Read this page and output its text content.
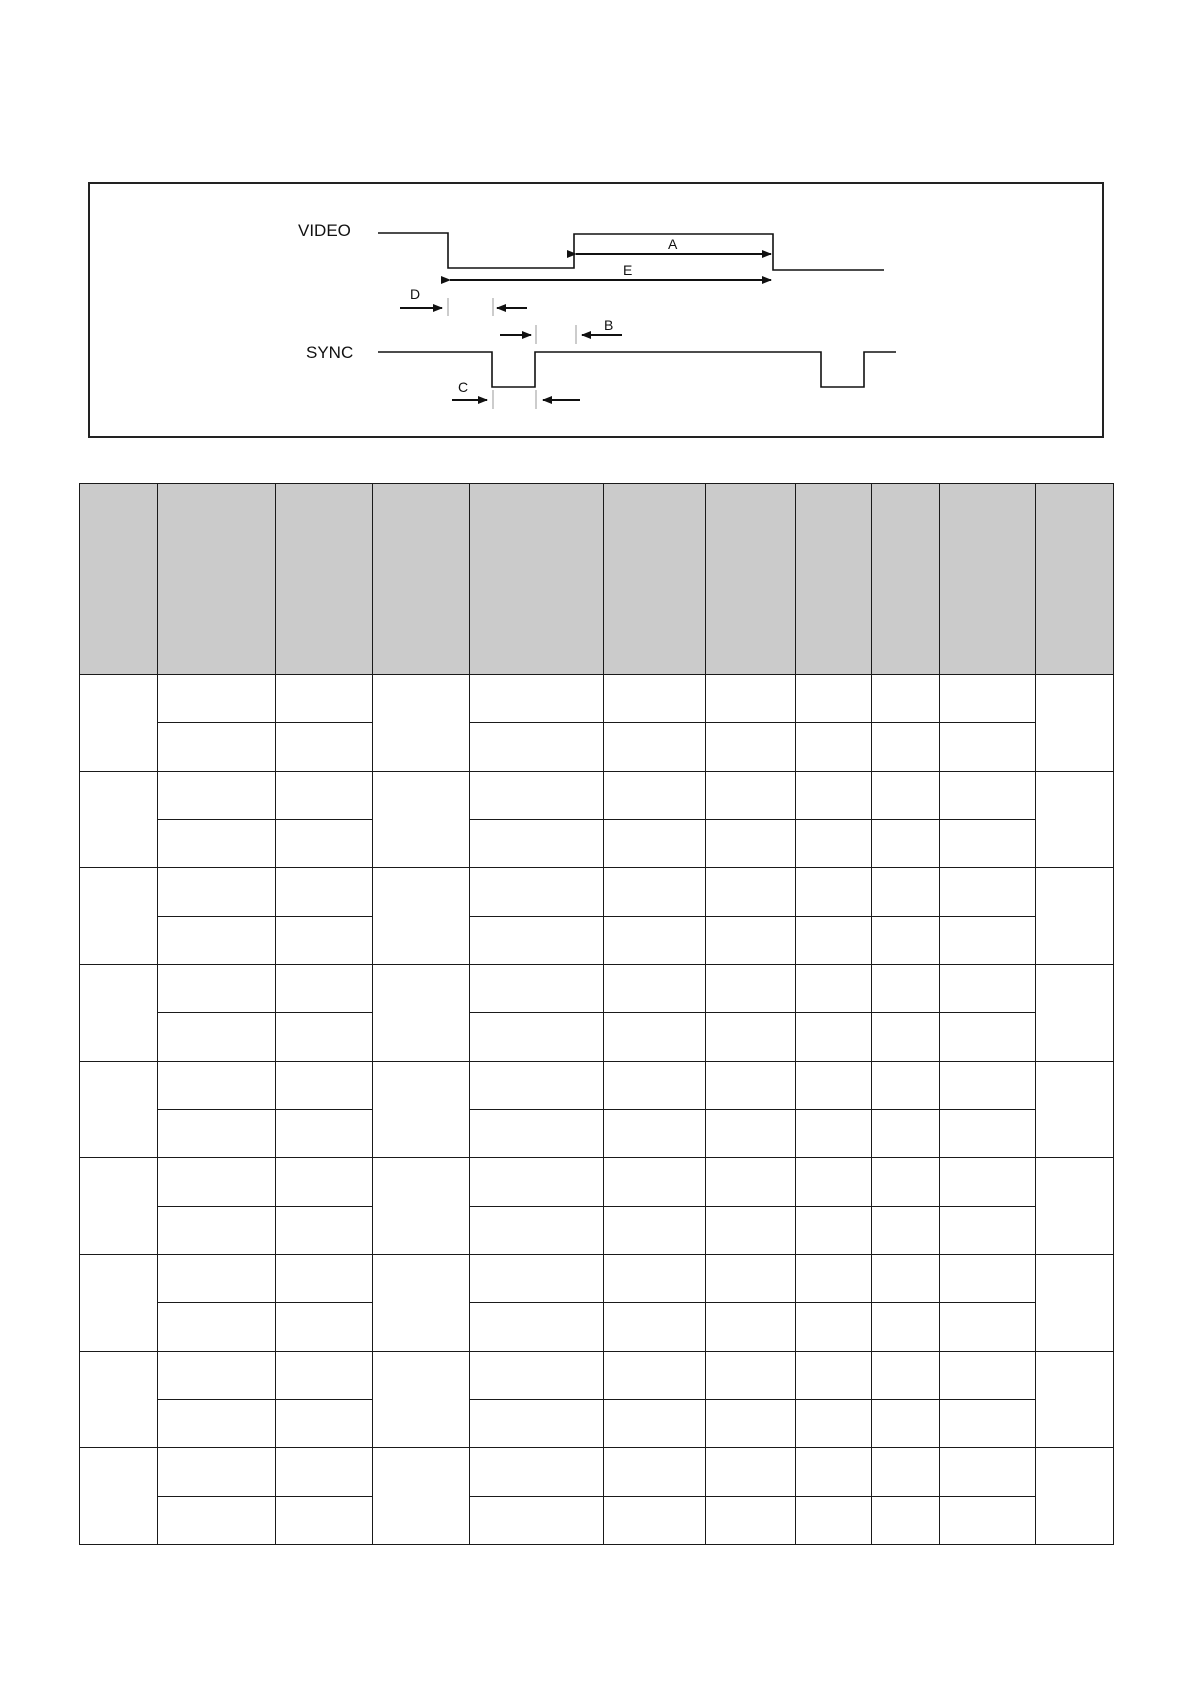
VIDEO
A
E
D
B
SYNC
C
